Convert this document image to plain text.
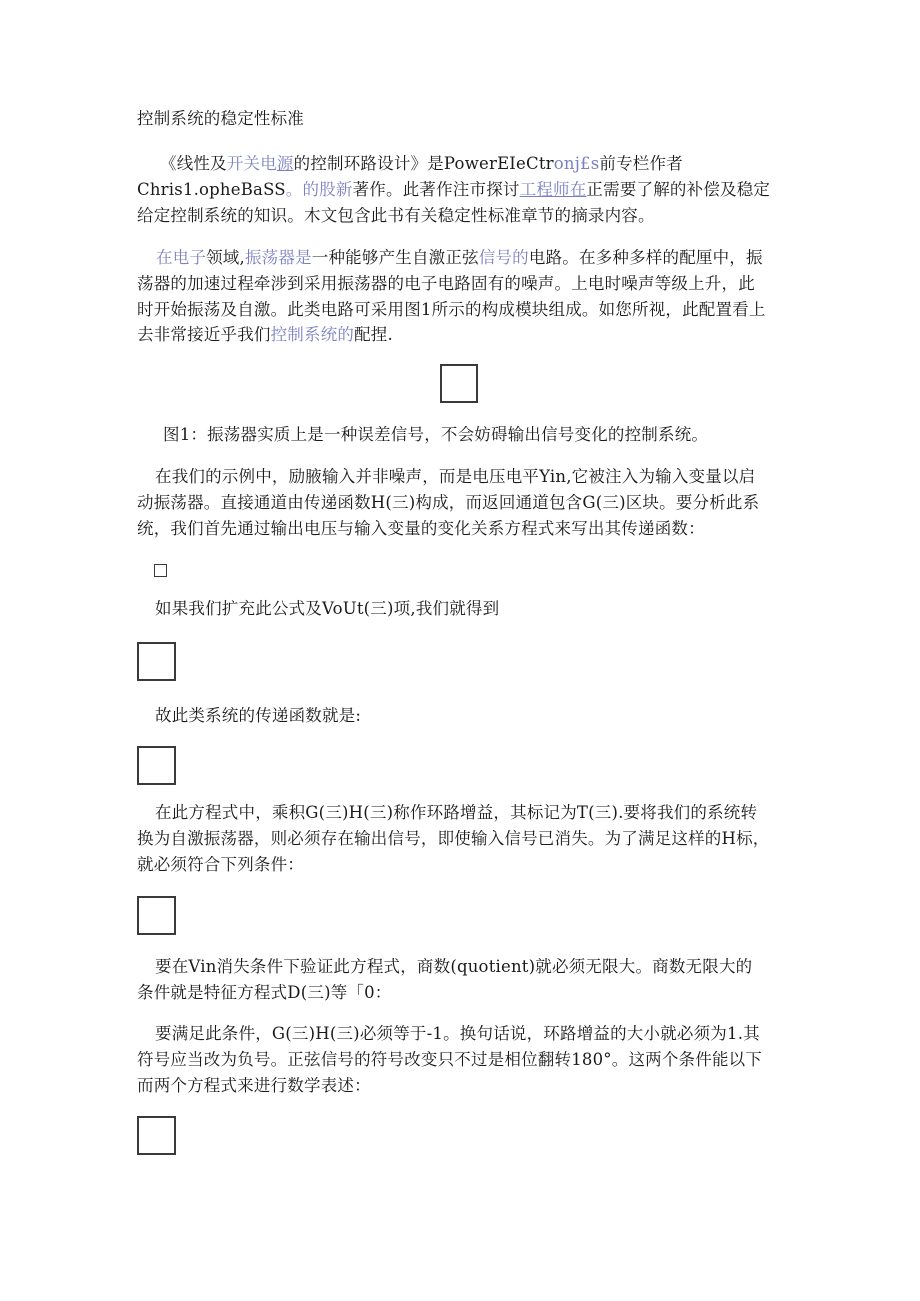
控制系统的稳定性标准
《线性及开关电源的控制环路设计》是PowerEIeCtronj£s前专栏作者
Chris1.opheBaSS。的股新著作。此著作注市探讨工程师在正需要了解的补偿及稳定
给定控制系统的知识。木文包含此书有关稳定性标准章节的摘录内容。
在电子领域,振荡器是一种能够产生自激正弦信号的电路。在多种多样的配厘中，振
荡器的加速过程牵涉到采用振荡器的电子电路固有的噪声。上电时噪声等级上升，此
时开始振荡及自激。此类电路可采用图1所示的构成模块组成。如您所视，此配置看上
去非常接近乎我们控制系统的配捏.
图1：振荡器实质上是一种误差信号，不会妨碍输出信号变化的控制系统。
在我们的示例中，励腋输入并非噪声，而是电压电平Yin,它被注入为输入变量以启
动振荡器。直接通道由传递函数H(三)构成，而返回通道包含G(三)区块。要分析此系
统，我们首先通过输出电压与输入变量的变化关系方程式来写出其传递函数：
如果我们扩充此公式及VoUt(三)项,我们就得到
故此类系统的传递函数就是:
在此方程式中，乘积G(三)H(三)称作环路增益，其标记为T(三).要将我们的系统转
换为自激振荡器，则必须存在输出信号，即使输入信号已消失。为了满足这样的H标，
就必须符合下列条件：
要在Vin消失条件下验证此方程式，商数(quotient)就必须无限大。商数无限大的
条件就是特征方程式D(三)等「0：
要满足此条件，G(三)H(三)必须等于-1。换句话说，环路增益的大小就必须为1.其
符号应当改为负号。正弦信号的符号改变只不过是相位翻转180°。这两个条件能以下
而两个方程式来进行数学表述：
